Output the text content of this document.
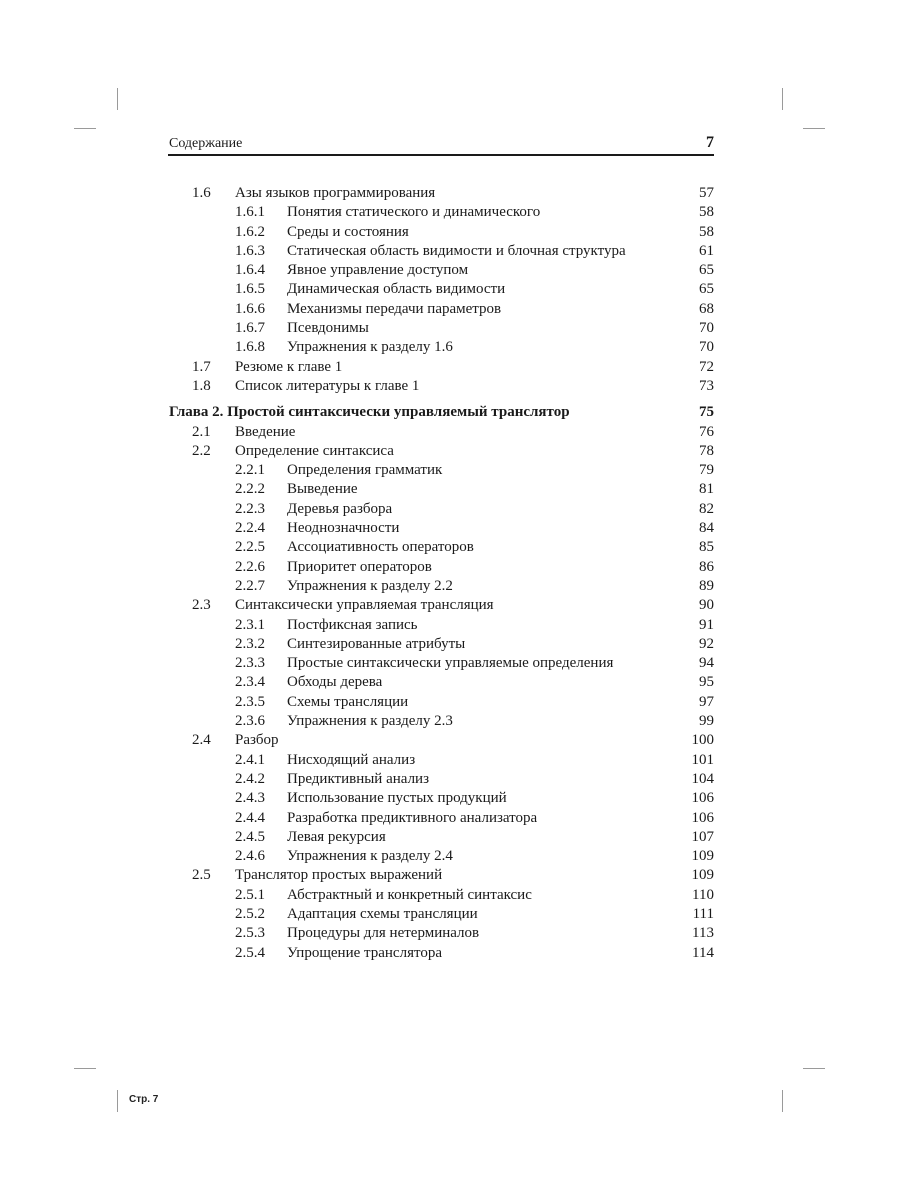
Содержание	7
1.6 Азы языков программирования	57
1.6.1 Понятия статического и динамического	58
1.6.2 Среды и состояния	58
1.6.3 Статическая область видимости и блочная структура	61
1.6.4 Явное управление доступом	65
1.6.5 Динамическая область видимости	65
1.6.6 Механизмы передачи параметров	68
1.6.7 Псевдонимы	70
1.6.8 Упражнения к разделу 1.6	70
1.7 Резюме к главе 1	72
1.8 Список литературы к главе 1	73
Глава 2. Простой синтаксически управляемый транслятор	75
2.1 Введение	76
2.2 Определение синтаксиса	78
2.2.1 Определения грамматик	79
2.2.2 Выведение	81
2.2.3 Деревья разбора	82
2.2.4 Неоднозначности	84
2.2.5 Ассоциативность операторов	85
2.2.6 Приоритет операторов	86
2.2.7 Упражнения к разделу 2.2	89
2.3 Синтаксически управляемая трансляция	90
2.3.1 Постфиксная запись	91
2.3.2 Синтезированные атрибуты	92
2.3.3 Простые синтаксически управляемые определения	94
2.3.4 Обходы дерева	95
2.3.5 Схемы трансляции	97
2.3.6 Упражнения к разделу 2.3	99
2.4 Разбор	100
2.4.1 Нисходящий анализ	101
2.4.2 Предиктивный анализ	104
2.4.3 Использование пустых продукций	106
2.4.4 Разработка предиктивного анализатора	106
2.4.5 Левая рекурсия	107
2.4.6 Упражнения к разделу 2.4	109
2.5 Транслятор простых выражений	109
2.5.1 Абстрактный и конкретный синтаксис	110
2.5.2 Адаптация схемы трансляции	111
2.5.3 Процедуры для нетерминалов	113
2.5.4 Упрощение транслятора	114
Стр. 7
